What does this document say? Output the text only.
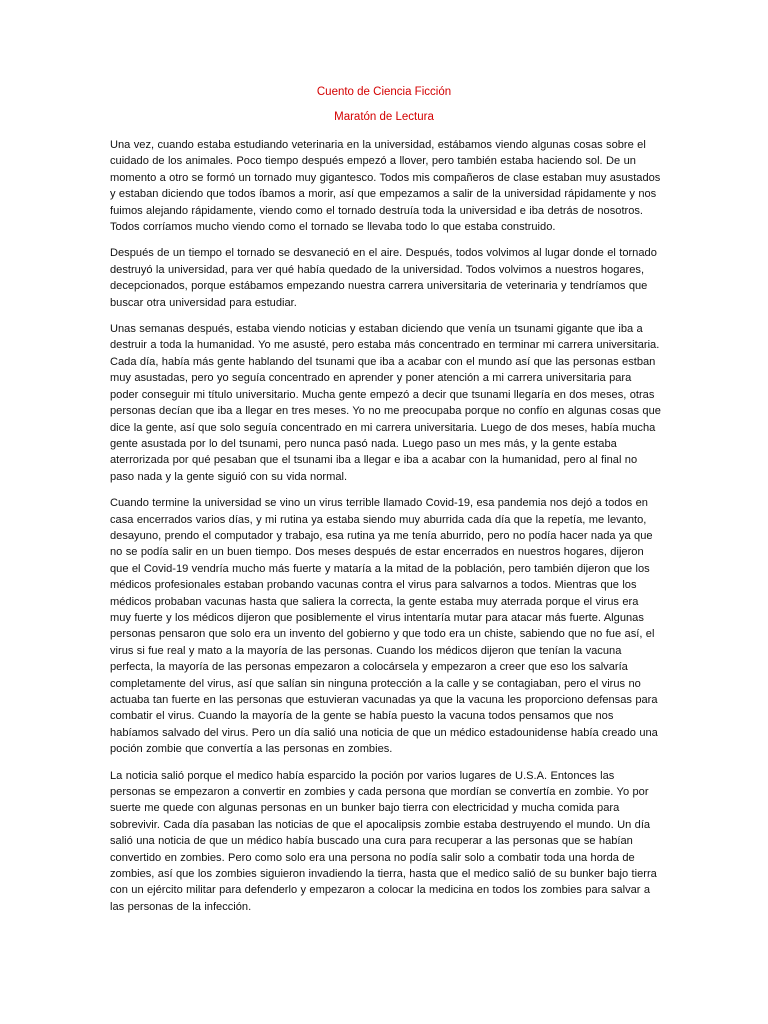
Cuento de Ciencia Ficción
Maratón de Lectura

Una vez, cuando estaba estudiando veterinaria en la universidad, estábamos viendo algunas cosas sobre el cuidado de los animales. Poco tiempo después empezó a llover, pero también estaba haciendo sol. De un momento a otro se formó un tornado muy gigantesco. Todos mis compañeros de clase estaban muy asustados y estaban diciendo que todos íbamos a morir, así que empezamos a salir de la universidad rápidamente y nos fuimos alejando rápidamente, viendo como el tornado destruía toda la universidad e iba detrás de nosotros. Todos corríamos mucho viendo como el tornado se llevaba todo lo que estaba construido.

Después de un tiempo el tornado se desvaneció en el aire. Después, todos volvimos al lugar donde el tornado destruyó la universidad, para ver qué había quedado de la universidad. Todos volvimos a nuestros hogares, decepcionados, porque estábamos empezando nuestra carrera universitaria de veterinaria y tendríamos que buscar otra universidad para estudiar.

Unas semanas después, estaba viendo noticias y estaban diciendo que venía un tsunami gigante que iba a destruir a toda la humanidad. Yo me asusté, pero estaba más concentrado en terminar mi carrera universitaria. Cada día, había más gente hablando del tsunami que iba a acabar con el mundo así que las personas estban muy asustadas, pero yo seguía concentrado en aprender y poner atención a mi carrera universitaria para poder conseguir mi título universitario. Mucha gente empezó a decir que tsunami llegaría en dos meses, otras personas decían que iba a llegar en tres meses. Yo no me preocupaba porque no confío en algunas cosas que dice la gente, así que solo seguía concentrado en mi carrera universitaria. Luego de dos meses, había mucha gente asustada por lo del tsunami, pero nunca pasó nada. Luego paso un mes más, y la gente estaba aterrorizada por qué pesaban que el tsunami iba a llegar e iba a acabar con la humanidad, pero al final no paso nada y la gente siguió con su vida normal.

Cuando termine la universidad se vino un virus terrible llamado Covid-19, esa pandemia nos dejó a todos en casa encerrados varios días, y mi rutina ya estaba siendo muy aburrida cada día que la repetía, me levanto, desayuno, prendo el computador y trabajo, esa rutina ya me tenía aburrido, pero no podía hacer nada ya que no se podía salir en un buen tiempo. Dos meses después de estar encerrados en nuestros hogares, dijeron que el Covid-19 vendría mucho más fuerte y mataría a la mitad de la población, pero también dijeron que los médicos profesionales estaban probando vacunas contra el virus para salvarnos a todos. Mientras que los médicos probaban vacunas hasta que saliera la correcta, la gente estaba muy aterrada porque el virus era muy fuerte y los médicos dijeron que posiblemente el virus intentaría mutar para atacar más fuerte. Algunas personas pensaron que solo era un invento del gobierno y que todo era un chiste, sabiendo que no fue así, el virus si fue real y mato a la mayoría de las personas. Cuando los médicos dijeron que tenían la vacuna perfecta, la mayoría de las personas empezaron a colocársela y empezaron a creer que eso los salvaría completamente del virus, así que salían sin ninguna protección a la calle y se contagiaban, pero el virus no actuaba tan fuerte en las personas que estuvieran vacunadas ya que la vacuna les proporciono defensas para combatir el virus. Cuando la mayoría de la gente se había puesto la vacuna todos pensamos que nos habíamos salvado del virus. Pero un día salió una noticia de que un médico estadounidense había creado una poción zombie que convertía a las personas en zombies.

La noticia salió porque el medico había esparcido la poción por varios lugares de U.S.A. Entonces las personas se empezaron a convertir en zombies y cada persona que mordían se convertía en zombie. Yo por suerte me quede con algunas personas en un bunker bajo tierra con electricidad y mucha comida para sobrevivir. Cada día pasaban las noticias de que el apocalipsis zombie estaba destruyendo el mundo. Un día salió una noticia de que un médico había buscado una cura para recuperar a las personas que se habían convertido en zombies. Pero como solo era una persona no podía salir solo a combatir toda una horda de zombies, así que los zombies siguieron invadiendo la tierra, hasta que el medico salió de su bunker bajo tierra con un ejército militar para defenderlo y empezaron a colocar la medicina en todos los zombies para salvar a las personas de la infección.
